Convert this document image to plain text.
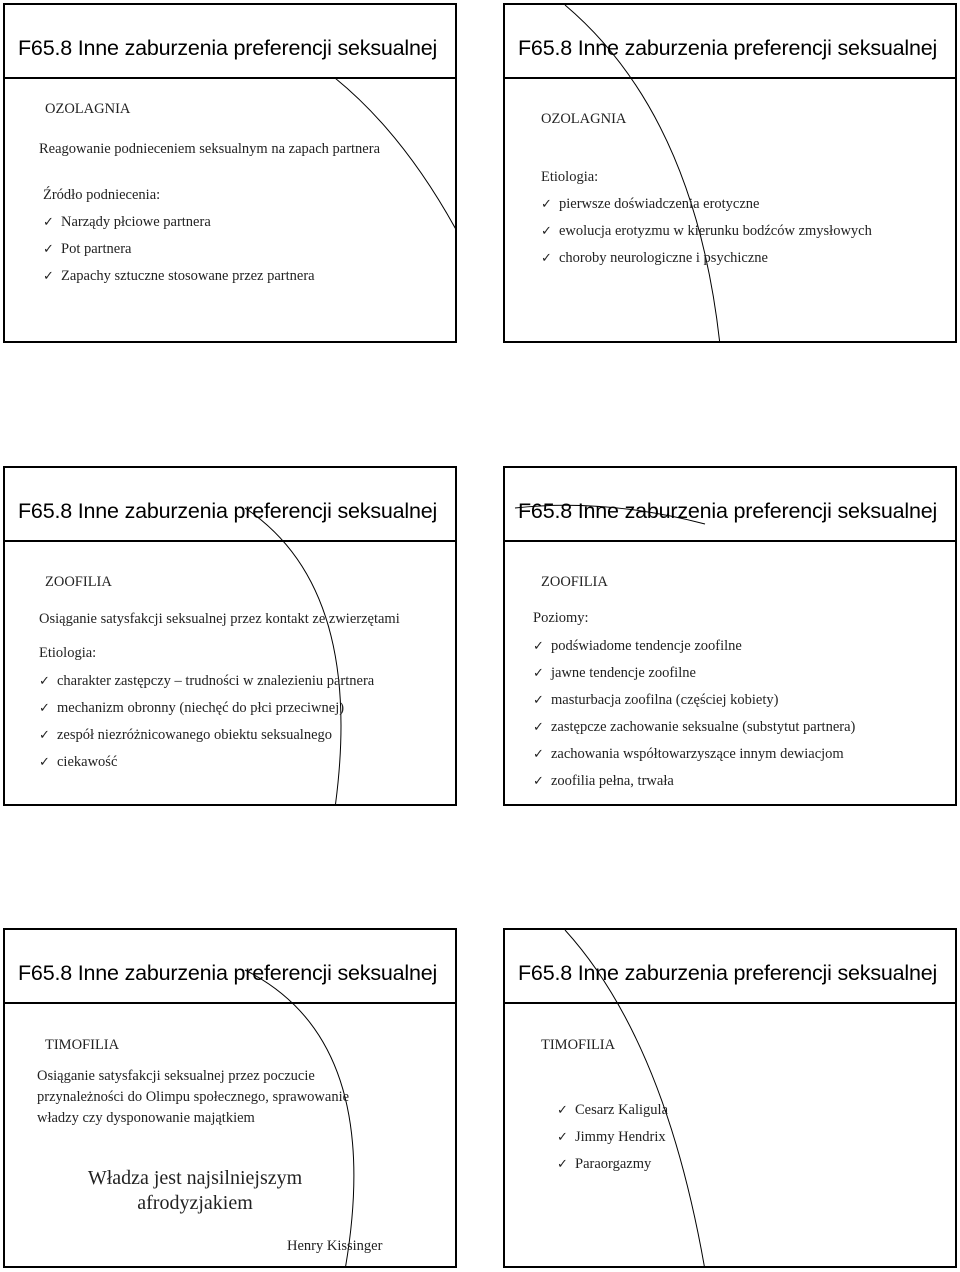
F65.8 Inne zaburzenia preferencji seksualnej
OZOLAGNIA
Reagowanie podnieceniem seksualnym na zapach partnera
Źródło podniecenia:
✓ Narządy płciowe partnera
✓ Pot partnera
✓ Zapachy sztuczne stosowane przez partnera
F65.8 Inne zaburzenia preferencji seksualnej
OZOLAGNIA
Etiologia:
✓ pierwsze doświadczenia erotyczne
✓ ewolucja erotyzmu w kierunku bodźców zmysłowych
✓ choroby neurologiczne i psychiczne
F65.8 Inne zaburzenia preferencji seksualnej
ZOOFILIA
Osiąganie satysfakcji seksualnej przez kontakt ze zwierzętami
Etiologia:
✓ charakter zastępczy – trudności w znalezieniu partnera
✓ mechanizm obronny (niechęć do płci przeciwnej)
✓ zespół niezróżnicowanego obiektu seksualnego
✓ ciekawość
F65.8 Inne zaburzenia preferencji seksualnej
ZOOFILIA
Poziomy:
✓ podświadome tendencje zoofilne
✓ jawne tendencje zoofilne
✓ masturbacja zoofilna (częściej kobiety)
✓ zastępcze zachowanie seksualne (substytut partnera)
✓ zachowania współtowarzyszące innym dewiacjom
✓ zoofilia pełna, trwała
F65.8 Inne zaburzenia preferencji seksualnej
TIMOFILIA
Osiąganie satysfakcji seksualnej przez poczucie
przynależności do Olimpu społecznego, sprawowanie
władzy czy dysponowanie majątkiem
Władza jest najsilniejszym
afrodyzjakiem
Henry Kissinger
F65.8 Inne zaburzenia preferencji seksualnej
TIMOFILIA
✓ Cesarz Kaligula
✓ Jimmy Hendrix
✓ Paraorgazmy
